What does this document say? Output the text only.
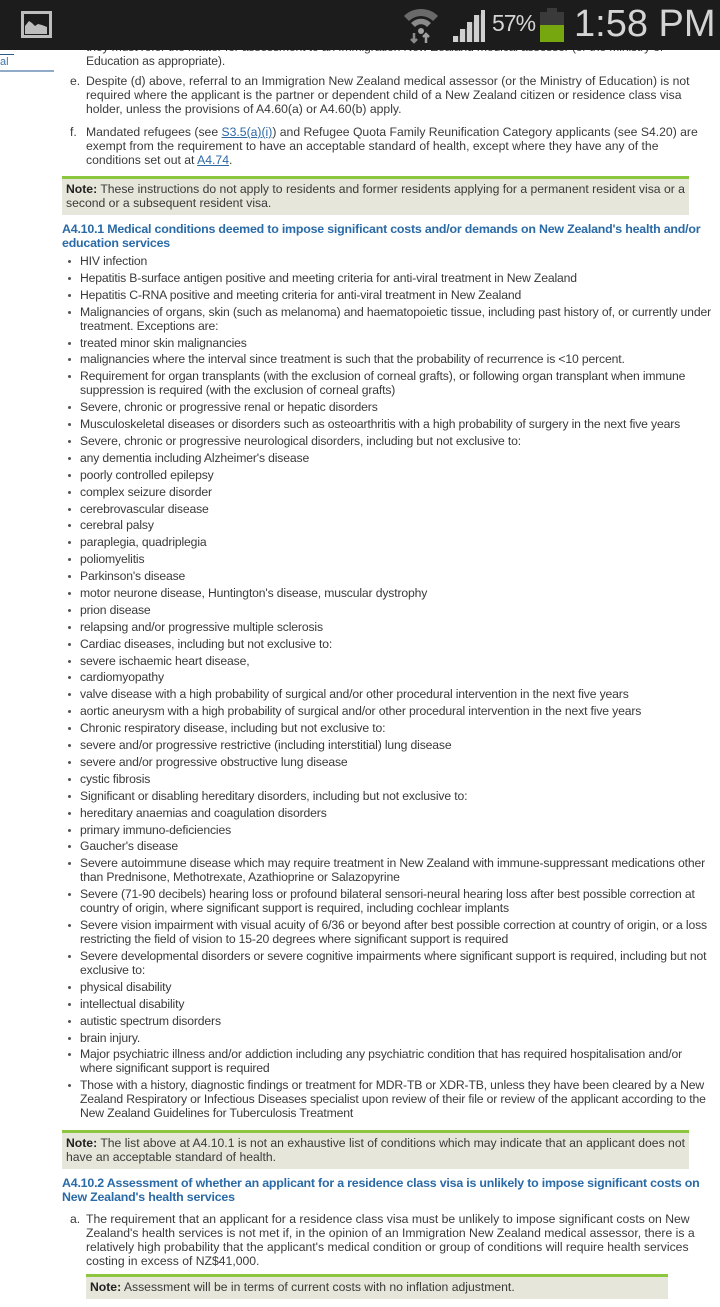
57% 1:58 PM
al	Education as appropriate).

e. Despite (d) above, referral to an Immigration New Zealand medical assessor (or the Ministry of Education) is not required where the applicant is the partner or dependent child of a New Zealand citizen or residence class visa holder, unless the provisions of A4.60(a) or A4.60(b) apply.
f. Mandated refugees (see S3.5(a)(i)) and Refugee Quota Family Reunification Category applicants (see S4.20) are exempt from the requirement to have an acceptable standard of health, except where they have any of the conditions set out at A4.74.
Note: These instructions do not apply to residents and former residents applying for a permanent resident visa or a second or a subsequent resident visa.
A4.10.1 Medical conditions deemed to impose significant costs and/or demands on New Zealand's health and/or education services
HIV infection
Hepatitis B-surface antigen positive and meeting criteria for anti-viral treatment in New Zealand
Hepatitis C-RNA positive and meeting criteria for anti-viral treatment in New Zealand
Malignancies of organs, skin (such as melanoma) and haematopoietic tissue, including past history of, or currently under treatment. Exceptions are:
treated minor skin malignancies
malignancies where the interval since treatment is such that the probability of recurrence is <10 percent.
Requirement for organ transplants (with the exclusion of corneal grafts), or following organ transplant when immune suppression is required (with the exclusion of corneal grafts)
Severe, chronic or progressive renal or hepatic disorders
Musculoskeletal diseases or disorders such as osteoarthritis with a high probability of surgery in the next five years
Severe, chronic or progressive neurological disorders, including but not exclusive to:
any dementia including Alzheimer's disease
poorly controlled epilepsy
complex seizure disorder
cerebrovascular disease
cerebral palsy
paraplegia, quadriplegia
poliomyelitis
Parkinson's disease
motor neurone disease, Huntington's disease, muscular dystrophy
prion disease
relapsing and/or progressive multiple sclerosis
Cardiac diseases, including but not exclusive to:
severe ischaemic heart disease,
cardiomyopathy
valve disease with a high probability of surgical and/or other procedural intervention in the next five years
aortic aneurysm with a high probability of surgical and/or other procedural intervention in the next five years
Chronic respiratory disease, including but not exclusive to:
severe and/or progressive restrictive (including interstitial) lung disease
severe and/or progressive obstructive lung disease
cystic fibrosis
Significant or disabling hereditary disorders, including but not exclusive to:
hereditary anaemias and coagulation disorders
primary immuno-deficiencies
Gaucher's disease
Severe autoimmune disease which may require treatment in New Zealand with immune-suppressant medications other than Prednisone, Methotrexate, Azathioprine or Salazopyrine
Severe (71-90 decibels) hearing loss or profound bilateral sensori-neural hearing loss after best possible correction at country of origin, where significant support is required, including cochlear implants
Severe vision impairment with visual acuity of 6/36 or beyond after best possible correction at country of origin, or a loss restricting the field of vision to 15-20 degrees where significant support is required
Severe developmental disorders or severe cognitive impairments where significant support is required, including but not exclusive to:
physical disability
intellectual disability
autistic spectrum disorders
brain injury.
Major psychiatric illness and/or addiction including any psychiatric condition that has required hospitalisation and/or where significant support is required
Those with a history, diagnostic findings or treatment for MDR-TB or XDR-TB, unless they have been cleared by a New Zealand Respiratory or Infectious Diseases specialist upon review of their file or review of the applicant according to the New Zealand Guidelines for Tuberculosis Treatment
Note: The list above at A4.10.1 is not an exhaustive list of conditions which may indicate that an applicant does not have an acceptable standard of health.
A4.10.2 Assessment of whether an applicant for a residence class visa is unlikely to impose significant costs on New Zealand's health services
a. The requirement that an applicant for a residence class visa must be unlikely to impose significant costs on New Zealand's health services is not met if, in the opinion of an Immigration New Zealand medical assessor, there is a relatively high probability that the applicant's medical condition or group of conditions will require health services costing in excess of NZ$41,000.
Note: Assessment will be in terms of current costs with no inflation adjustment.
